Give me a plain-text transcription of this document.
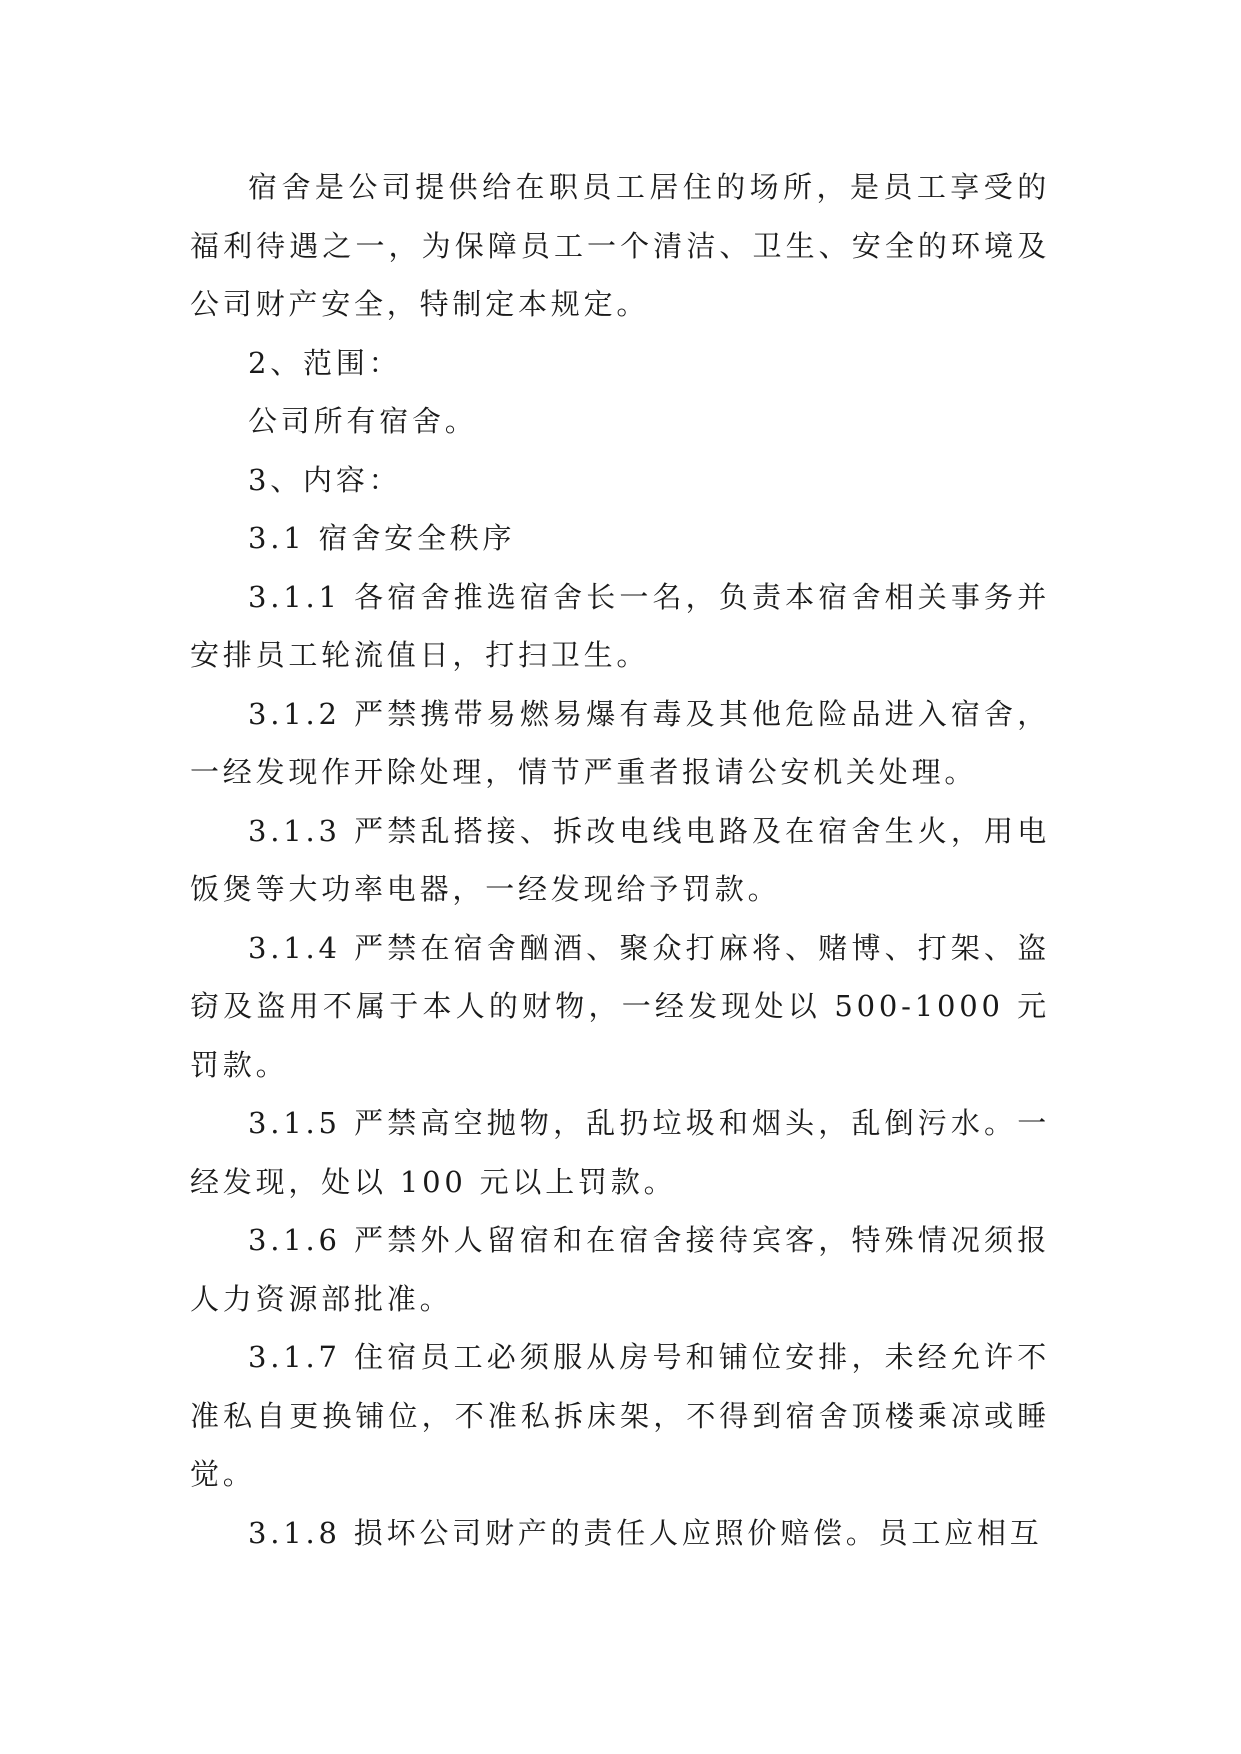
宿舍是公司提供给在职员工居住的场所，是员工享受的福利待遇之一，为保障员工一个清洁、卫生、安全的环境及公司财产安全，特制定本规定。

2、范围：

公司所有宿舍。

3、内容：

3.1 宿舍安全秩序

3.1.1 各宿舍推选宿舍长一名，负责本宿舍相关事务并安排员工轮流值日，打扫卫生。

3.1.2 严禁携带易燃易爆有毒及其他危险品进入宿舍，一经发现作开除处理，情节严重者报请公安机关处理。

3.1.3 严禁乱搭接、拆改电线电路及在宿舍生火，用电饭煲等大功率电器，一经发现给予罚款。

3.1.4 严禁在宿舍酗酒、聚众打麻将、赌博、打架、盗窃及盗用不属于本人的财物，一经发现处以 500-1000 元罚款。

3.1.5 严禁高空抛物，乱扔垃圾和烟头，乱倒污水。一经发现，处以 100 元以上罚款。

3.1.6 严禁外人留宿和在宿舍接待宾客，特殊情况须报人力资源部批准。

3.1.7 住宿员工必须服从房号和铺位安排，未经允许不准私自更换铺位，不准私拆床架，不得到宿舍顶楼乘凉或睡觉。

3.1.8 损坏公司财产的责任人应照价赔偿。员工应相互
